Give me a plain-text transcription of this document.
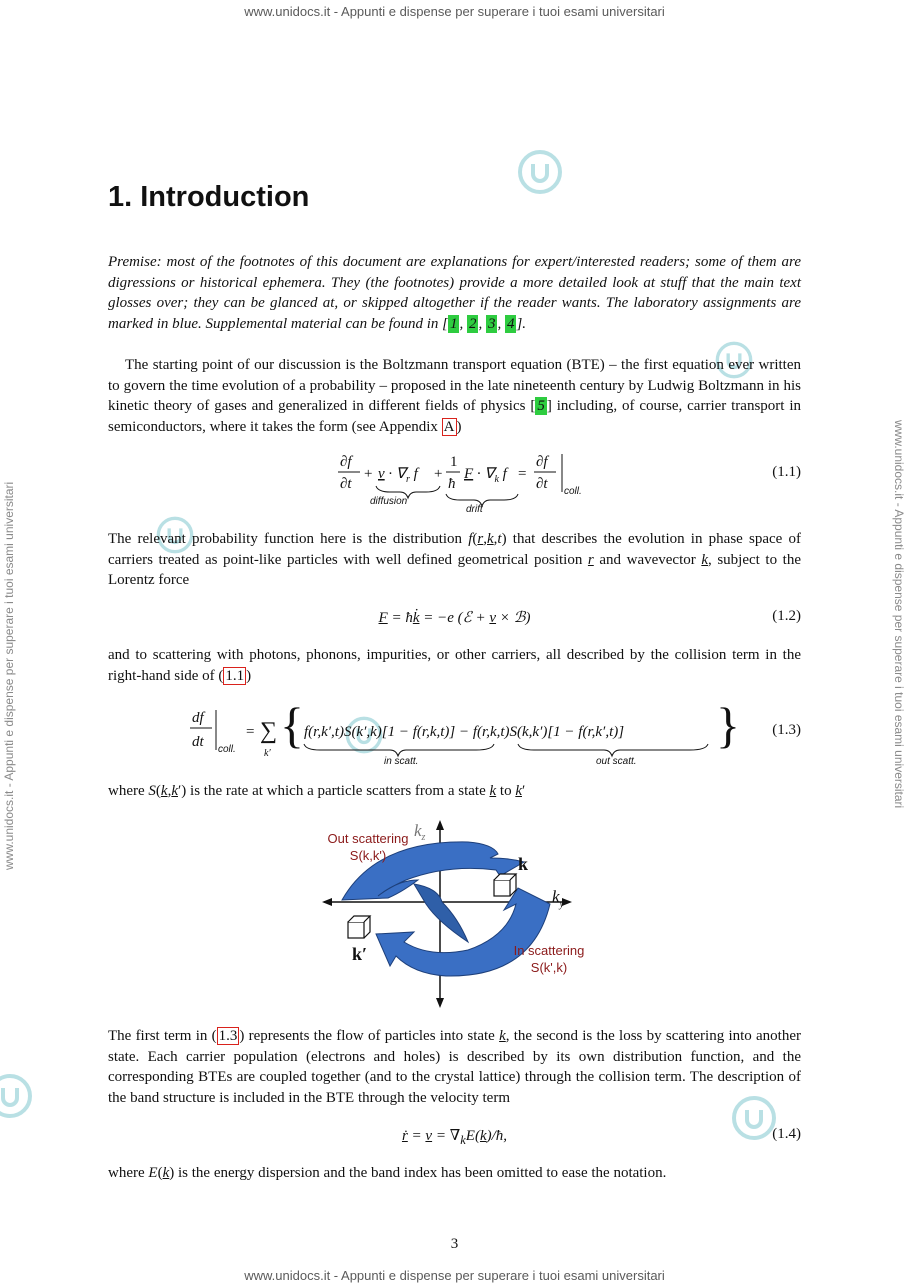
www.unidocs.it - Appunti e dispense per superare i tuoi esami universitari
www.unidocs.it - Appunti e dispense per superare i tuoi esami universitari
www.unidocs.it - Appunti e dispense per superare i tuoi esami universitari	www.unidocs.it - Appunti e dispense per superare i tuoi esami universitari
1. Introduction

Premise: most of the footnotes of this document are explanations for expert/interested readers; some of them are digressions or historical ephemera. They (the footnotes) provide a more detailed look at stuff that the main text glosses over; they can be glanced at, or skipped altogether if the reader wants. The laboratory assignments are marked in blue. Supplemental material can be found in [ 1 , 2 , 3 , 4 ].

The starting point of our discussion is the Boltzmann transport equation (BTE) – the first equation ever written to govern the time evolution of a probability – proposed in the late nineteenth century by Ludwig Boltzmann in his kinetic theory of gases and generalized in different fields of physics [ 5 ] including, of course, carrier transport in semiconductors, where it takes the form (see Appendix A )

∂f
∂t
+ $v \cdot \nabla_r$ f +
1
ħ
$F \cdot \nabla_k$ f =
∂f
∂t
diffusion
drift
coll.
(1.1)

The relevant probability function here is the distribution f(r,k,t) that describes the evolution in phase space of carriers treated as point-like particles with well defined geometrical position r and wavevector k, subject to the Lorentz force

F = ħk̇ = −e (ℰ + v × ℬ)	(1.2)

and to scattering with photons, phonons, impurities, or other carriers, all described by the collision term in the right-hand side of ( 1.1 )

df
dt
= ∑
k′
{ f(r,k′,t)S(k′,k)[1 − f(r,k,t)] − f(r,k,t)S(k,k′)[1 − f(r,k′,t)] }
coll.
in scatt.	out scatt.
(1.3)

where S(k,k′) is the rate at which a particle scatters from a state k to k′

k
k′
$k_z$
$k_y$
Out scattering
S(k,k')
In scattering
S(k',k)

The first term in ( 1.3 ) represents the flow of particles into state k, the second is the loss by scattering into another state. Each carrier population (electrons and holes) is described by its own distribution function, and the corresponding BTEs are coupled together (and to the crystal lattice) through the collision term. The description of the band structure is included in the BTE through the velocity term

ṙ = $v = \nabla_kE(k)/ħ$,	(1.4)

where E(k) is the energy dispersion and the band index has been omitted to ease the notation.

3
